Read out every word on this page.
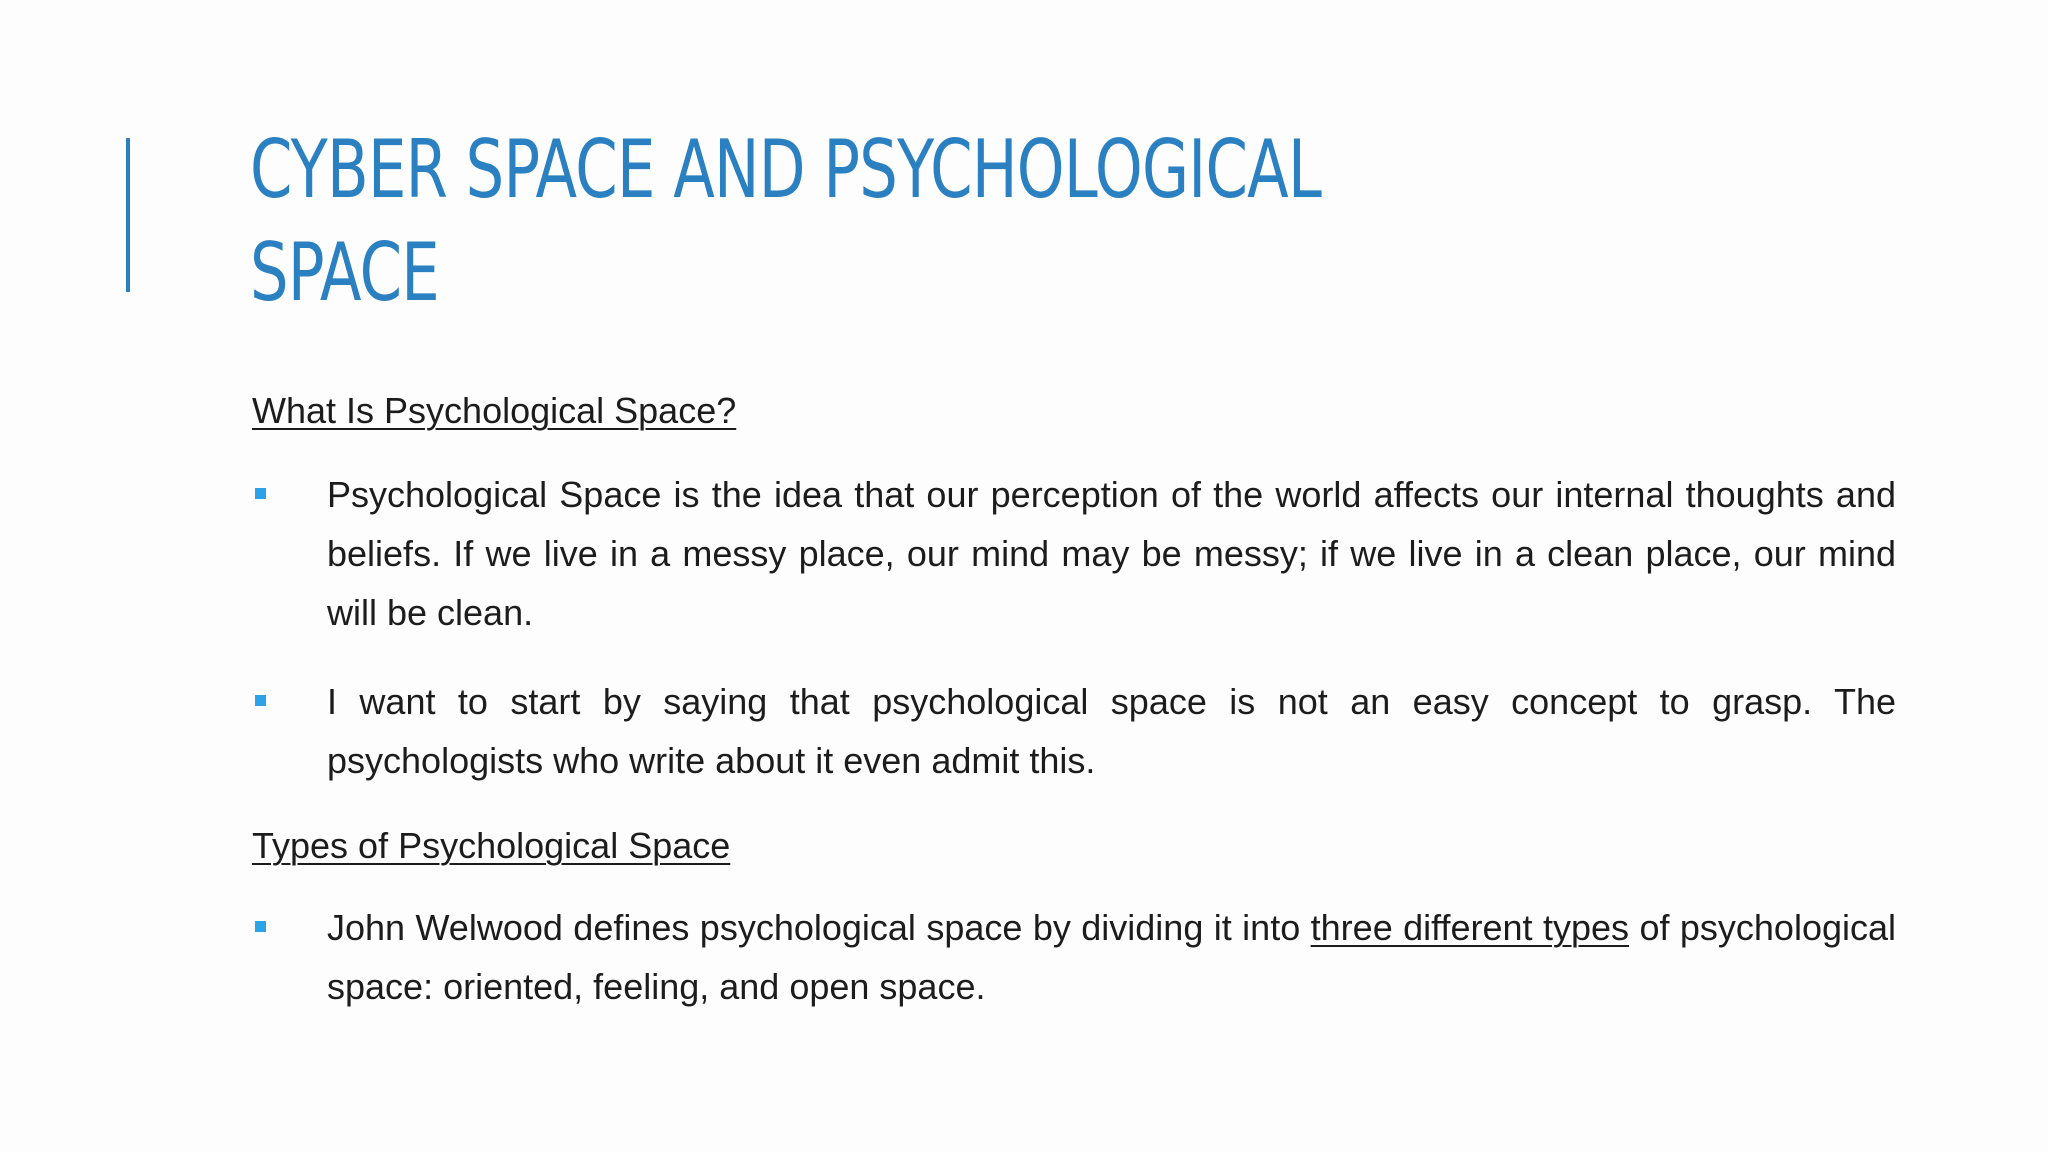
CYBER SPACE AND PSYCHOLOGICAL SPACE

What Is Psychological Space?

Psychological Space is the idea that our perception of the world affects our internal thoughts and beliefs. If we live in a messy place, our mind may be messy; if we live in a clean place, our mind will be clean.
I want to start by saying that psychological space is not an easy concept to grasp. The psychologists who write about it even admit this.

Types of Psychological Space

John Welwood defines psychological space by dividing it into three different types of psychological space: oriented, feeling, and open space.
